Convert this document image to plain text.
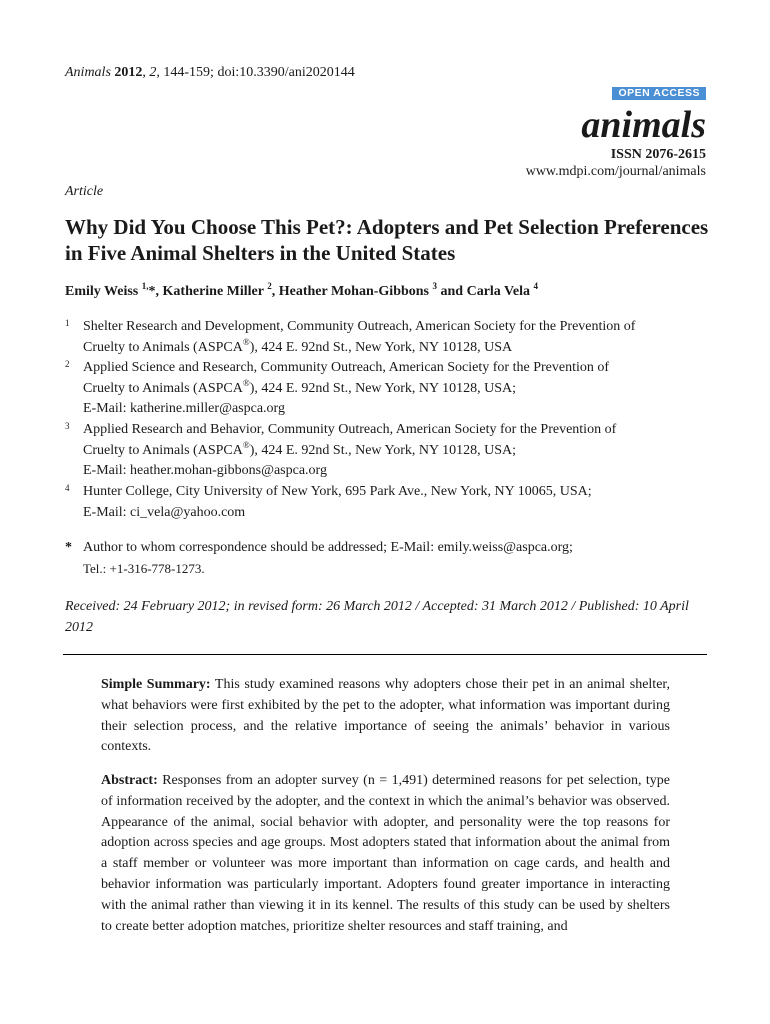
Animals 2012, 2, 144-159; doi:10.3390/ani2020144
OPEN ACCESS
animals
ISSN 2076-2615
www.mdpi.com/journal/animals
Article
Why Did You Choose This Pet?: Adopters and Pet Selection Preferences in Five Animal Shelters in the United States
Emily Weiss $^{1,}$*, Katherine Miller $^2$, Heather Mohan-Gibbons $^3$ and Carla Vela $^4$
1 Shelter Research and Development, Community Outreach, American Society for the Prevention of
Cruelty to Animals (ASPCA®), 424 E. 92nd St., New York, NY 10128, USA
2 Applied Science and Research, Community Outreach, American Society for the Prevention of
Cruelty to Animals (ASPCA®), 424 E. 92nd St., New York, NY 10128, USA;
E-Mail: katherine.miller@aspca.org
3 Applied Research and Behavior, Community Outreach, American Society for the Prevention of
Cruelty to Animals (ASPCA®), 424 E. 92nd St., New York, NY 10128, USA;
E-Mail: heather.mohan-gibbons@aspca.org
4 Hunter College, City University of New York, 695 Park Ave., New York, NY 10065, USA;
E-Mail: ci_vela@yahoo.com
* Author to whom correspondence should be addressed; E-Mail: emily.weiss@aspca.org;
Tel.: +1-316-778-1273.
Received: 24 February 2012; in revised form: 26 March 2012 / Accepted: 31 March 2012 / Published: 10 April 2012
Simple Summary: This study examined reasons why adopters chose their pet in an animal shelter, what behaviors were first exhibited by the pet to the adopter, what information was important during their selection process, and the relative importance of seeing the animals’ behavior in various contexts.
Abstract: Responses from an adopter survey (n = 1,491) determined reasons for pet selection, type of information received by the adopter, and the context in which the animal’s behavior was observed. Appearance of the animal, social behavior with adopter, and personality were the top reasons for adoption across species and age groups. Most adopters stated that information about the animal from a staff member or volunteer was more important than information on cage cards, and health and behavior information was particularly important. Adopters found greater importance in interacting with the animal rather than viewing it in its kennel. The results of this study can be used by shelters to create better adoption matches, prioritize shelter resources and staff training, and
